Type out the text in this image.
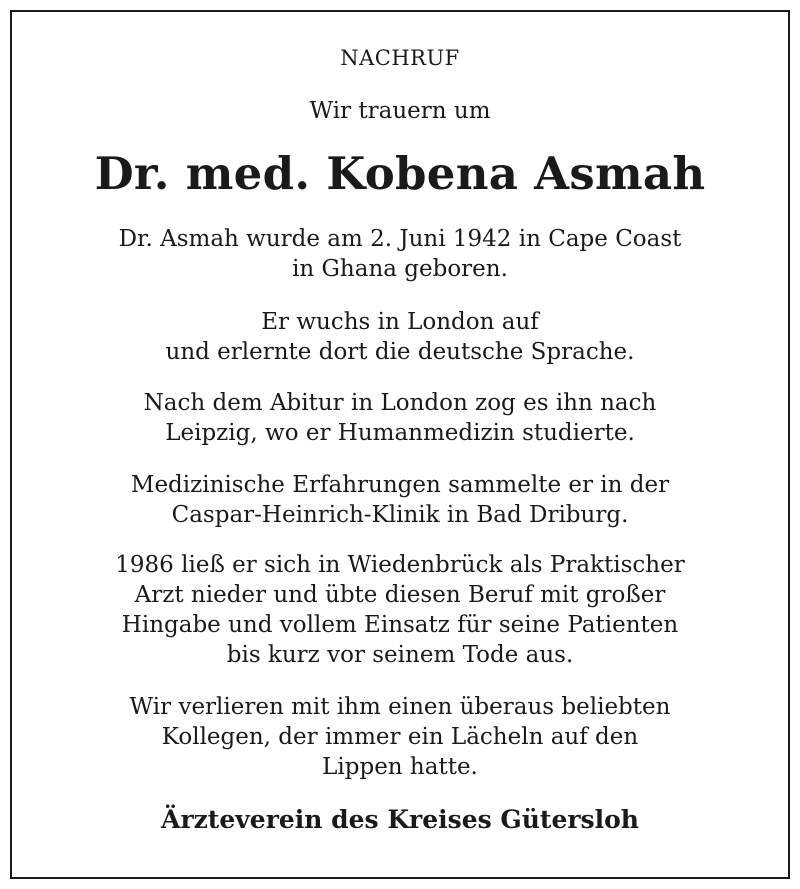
NACHRUF
Wir trauern um
Dr. med. Kobena Asmah
Dr. Asmah wurde am 2. Juni 1942 in Cape Coast
in Ghana geboren.
Er wuchs in London auf
und erlernte dort die deutsche Sprache.
Nach dem Abitur in London zog es ihn nach
Leipzig, wo er Humanmedizin studierte.
Medizinische Erfahrungen sammelte er in der
Caspar-Heinrich-Klinik in Bad Driburg.
1986 ließ er sich in Wiedenbrück als Praktischer
Arzt nieder und übte diesen Beruf mit großer
Hingabe und vollem Einsatz für seine Patienten
bis kurz vor seinem Tode aus.
Wir verlieren mit ihm einen überaus beliebten
Kollegen, der immer ein Lächeln auf den
Lippen hatte.
Ärzteverein des Kreises Gütersloh
